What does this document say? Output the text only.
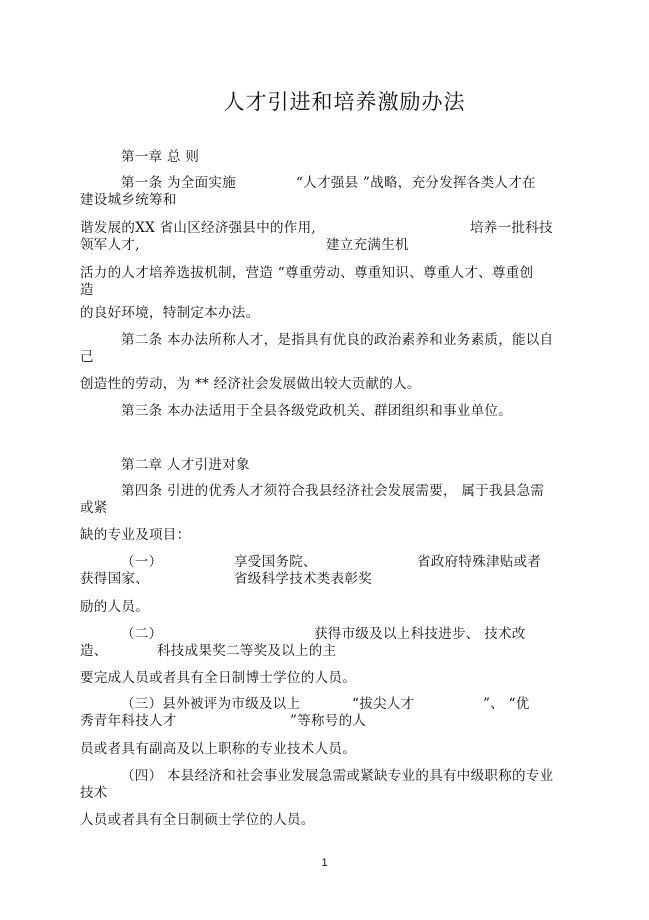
人才引进和培养激励办法
第一章 总 则
第一条 为全面实施	“人才强县 ”战略，充分发挥各类人才在
建设城乡统筹和
谐发展的XX 省山区经济强县中的作用,	培养一批科技
领军人才,	建立充满生机
活力的人才培养选拔机制，营造 “尊重劳动、尊重知识、尊重人才、尊重创
造
的良好环境，特制定本办法。
第二条 本办法所称人才，是指具有优良的政治素养和业务素质，能以自
己
创造性的劳动，为 ** 经济社会发展做出较大贡献的人。
第三条 本办法适用于全县各级党政机关、群团组织和事业单位。
第二章 人才引进对象
第四条 引进的优秀人才须符合我县经济社会发展需要， 属于我县急需
或紧
缺的专业及项目：
（一）	享受国务院、	省政府特殊津贴或者
获得国家、	省级科学技术类表彰奖
励的人员。
（二）	获得市级及以上科技进步、 技术改
造、	科技成果奖二等奖及以上的主
要完成人员或者具有全日制博士学位的人员。
（三）县外被评为市级及以上	“拔尖人才	”、 “优
秀青年科技人才	”等称号的人
员或者具有副高及以上职称的专业技术人员。
（四） 本县经济和社会事业发展急需或紧缺专业的具有中级职称的专业
技术
人员或者具有全日制硕士学位的人员。
1
